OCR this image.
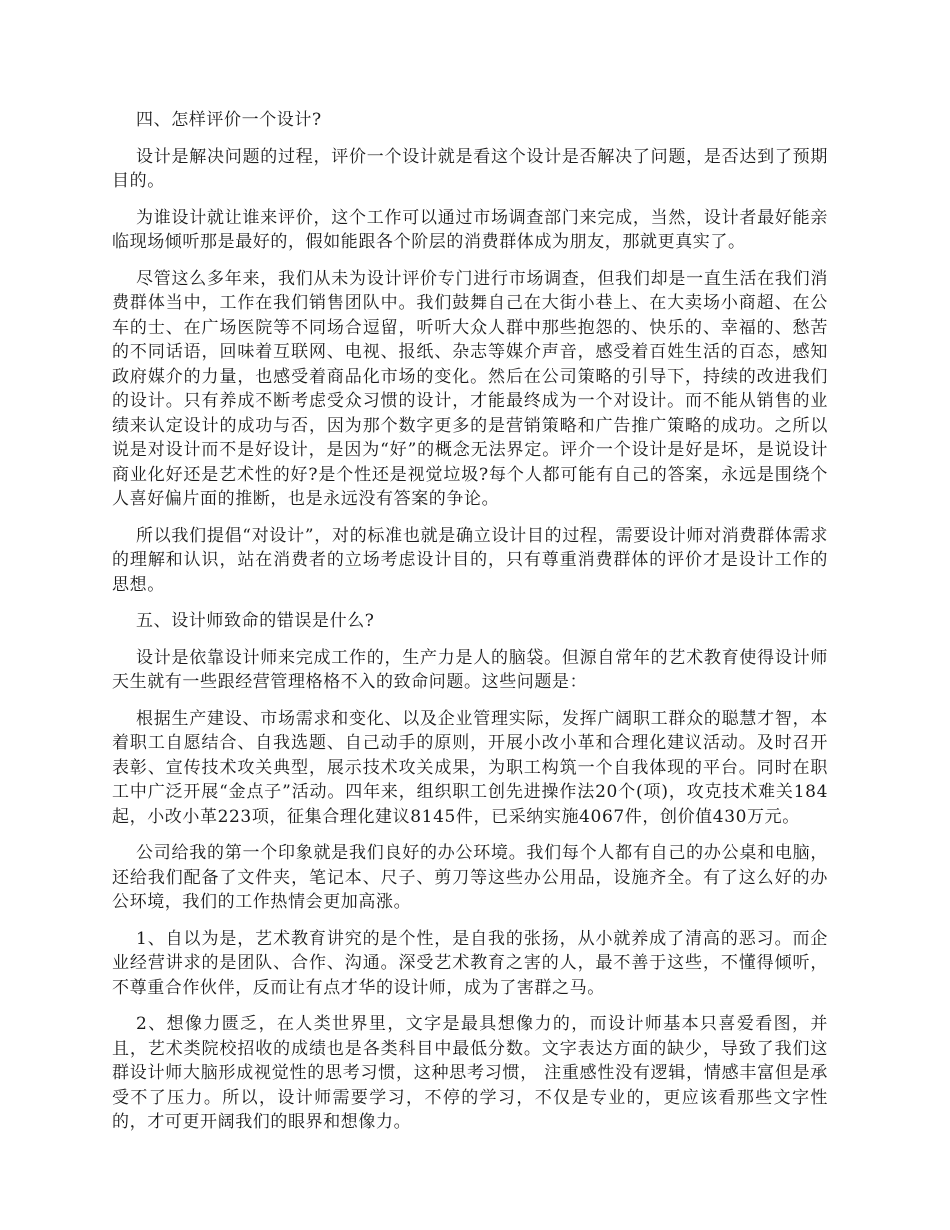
四、怎样评价一个设计?

设计是解决问题的过程，评价一个设计就是看这个设计是否解决了问题，是否达到了预期目的。

为谁设计就让谁来评价，这个工作可以通过市场调查部门来完成，当然，设计者最好能亲临现场倾听那是最好的，假如能跟各个阶层的消费群体成为朋友，那就更真实了。

尽管这么多年来，我们从未为设计评价专门进行市场调查，但我们却是一直生活在我们消费群体当中，工作在我们销售团队中。我们鼓舞自己在大街小巷上、在大卖场小商超、在公车的士、在广场医院等不同场合逗留，听听大众人群中那些抱怨的、快乐的、幸福的、愁苦的不同话语，回味着互联网、电视、报纸、杂志等媒介声音，感受着百姓生活的百态，感知政府媒介的力量，也感受着商品化市场的变化。然后在公司策略的引导下，持续的改进我们的设计。只有养成不断考虑受众习惯的设计，才能最终成为一个对设计。而不能从销售的业绩来认定设计的成功与否，因为那个数字更多的是营销策略和广告推广策略的成功。之所以说是对设计而不是好设计，是因为“好”的概念无法界定。评介一个设计是好是坏，是说设计商业化好还是艺术性的好?是个性还是视觉垃圾?每个人都可能有自己的答案，永远是围绕个人喜好偏片面的推断，也是永远没有答案的争论。

所以我们提倡“对设计”，对的标准也就是确立设计目的过程，需要设计师对消费群体需求的理解和认识，站在消费者的立场考虑设计目的，只有尊重消费群体的评价才是设计工作的思想。

五、设计师致命的错误是什么?

设计是依靠设计师来完成工作的，生产力是人的脑袋。但源自常年的艺术教育使得设计师天生就有一些跟经营管理格格不入的致命问题。这些问题是：

根据生产建设、市场需求和变化、以及企业管理实际，发挥广阔职工群众的聪慧才智，本着职工自愿结合、自我选题、自己动手的原则，开展小改小革和合理化建议活动。及时召开表彰、宣传技术攻关典型，展示技术攻关成果，为职工构筑一个自我体现的平台。同时在职工中广泛开展“金点子”活动。四年来，组织职工创先进操作法20个(项)，攻克技术难关184起，小改小革223项，征集合理化建议8145件，已采纳实施4067件，创价值430万元。

公司给我的第一个印象就是我们良好的办公环境。我们每个人都有自己的办公桌和电脑，还给我们配备了文件夹，笔记本、尺子、剪刀等这些办公用品，设施齐全。有了这么好的办公环境，我们的工作热情会更加高涨。

1、自以为是，艺术教育讲究的是个性，是自我的张扬，从小就养成了清高的恶习。而企业经营讲求的是团队、合作、沟通。深受艺术教育之害的人，最不善于这些，不懂得倾听，不尊重合作伙伴，反而让有点才华的设计师，成为了害群之马。

2、想像力匮乏，在人类世界里，文字是最具想像力的，而设计师基本只喜爱看图，并且，艺术类院校招收的成绩也是各类科目中最低分数。文字表达方面的缺少，导致了我们这群设计师大脑形成视觉性的思考习惯，这种思考习惯， 注重感性没有逻辑，情感丰富但是承受不了压力。所以，设计师需要学习，不停的学习，不仅是专业的，更应该看那些文字性的，才可更开阔我们的眼界和想像力。
